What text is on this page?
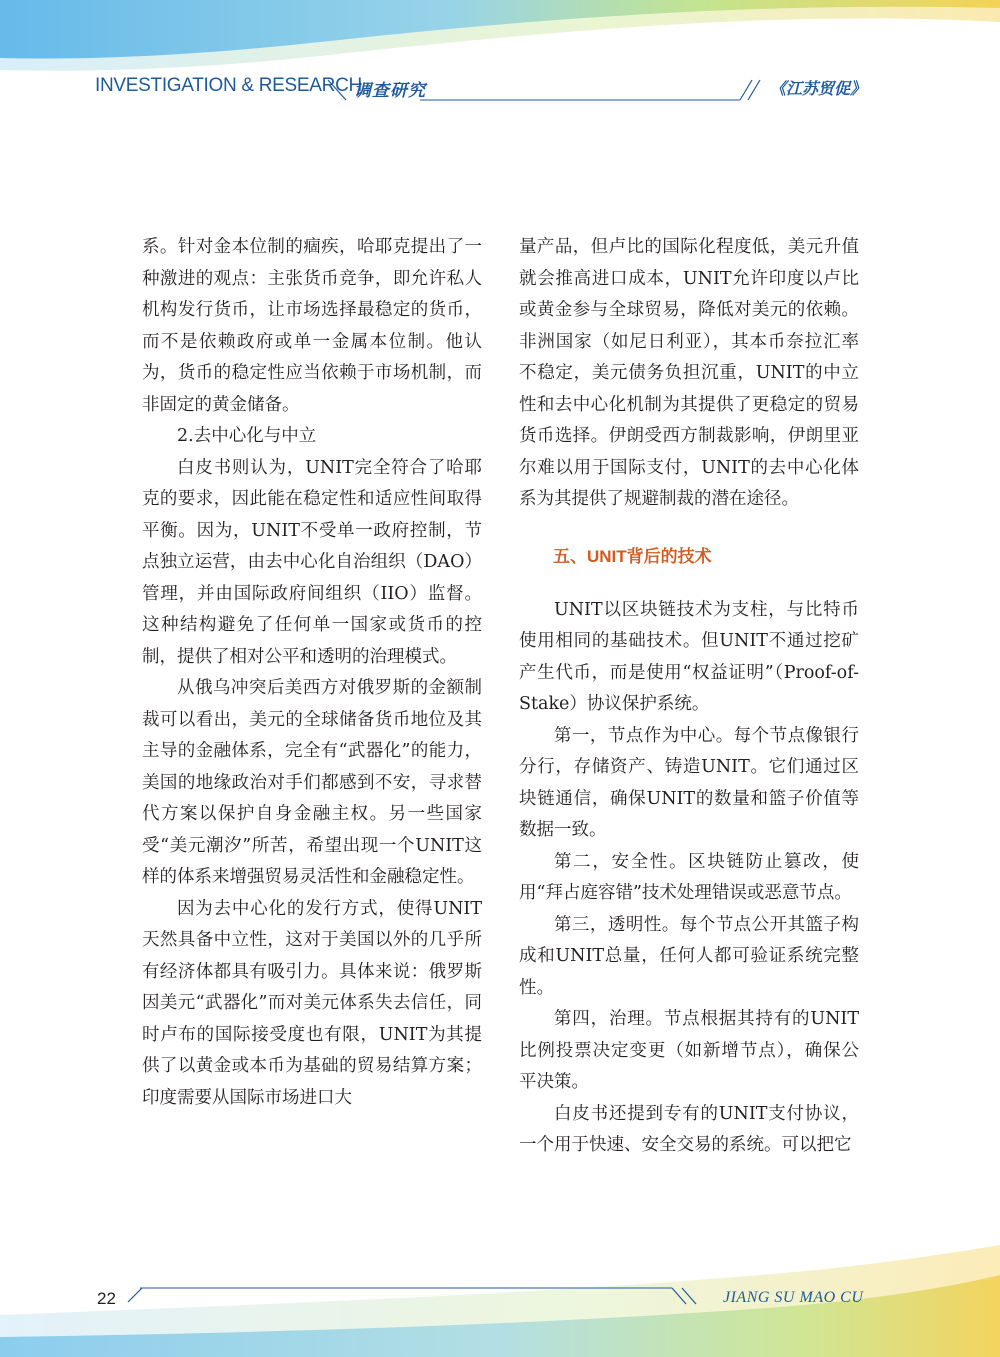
INVESTIGATION & RESEARCH
调查研究	《江苏贸促》

系。针对金本位制的痼疾，哈耶克提出了一种激进的观点：主张货币竞争，即允许私人机构发行货币，让市场选择最稳定的货币，而不是依赖政府或单一金属本位制。他认为，货币的稳定性应当依赖于市场机制，而非固定的黄金储备。

2.去中心化与中立

白皮书则认为，UNIT完全符合了哈耶克的要求，因此能在稳定性和适应性间取得平衡。因为，UNIT不受单一政府控制，节点独立运营，由去中心化自治组织（DAO）管理，并由国际政府间组织（IIO）监督。这种结构避免了任何单一国家或货币的控制，提供了相对公平和透明的治理模式。

从俄乌冲突后美西方对俄罗斯的金额制裁可以看出，美元的全球储备货币地位及其主导的金融体系，完全有“武器化”的能力，美国的地缘政治对手们都感到不安，寻求替代方案以保护自身金融主权。另一些国家受“美元潮汐”所苦，希望出现一个UNIT这样的体系来增强贸易灵活性和金融稳定性。

因为去中心化的发行方式，使得UNIT天然具备中立性，这对于美国以外的几乎所有经济体都具有吸引力。具体来说：俄罗斯因美元“武器化”而对美元体系失去信任，同时卢布的国际接受度也有限，UNIT为其提供了以黄金或本币为基础的贸易结算方案；印度需要从国际市场进口大

量产品，但卢比的国际化程度低，美元升值就会推高进口成本，UNIT允许印度以卢比或黄金参与全球贸易，降低对美元的依赖。非洲国家（如尼日利亚），其本币奈拉汇率不稳定，美元债务负担沉重，UNIT的中立性和去中心化机制为其提供了更稳定的贸易货币选择。伊朗受西方制裁影响，伊朗里亚尔难以用于国际支付，UNIT的去中心化体系为其提供了规避制裁的潜在途径。

五、UNIT背后的技术

UNIT以区块链技术为支柱，与比特币使用相同的基础技术。但UNIT不通过挖矿产生代币，而是使用“权益证明”（Proof-of-Stake）协议保护系统。

第一，节点作为中心。每个节点像银行分行，存储资产、铸造UNIT。它们通过区块链通信，确保UNIT的数量和篮子价值等数据一致。

第二，安全性。区块链防止篡改，使用“拜占庭容错”技术处理错误或恶意节点。

第三，透明性。每个节点公开其篮子构成和UNIT总量，任何人都可验证系统完整性。

第四，治理。节点根据其持有的UNIT比例投票决定变更（如新增节点），确保公平决策。

白皮书还提到专有的UNIT支付协议，一个用于快速、安全交易的系统。可以把它

22	JIANG SU MAO CU
